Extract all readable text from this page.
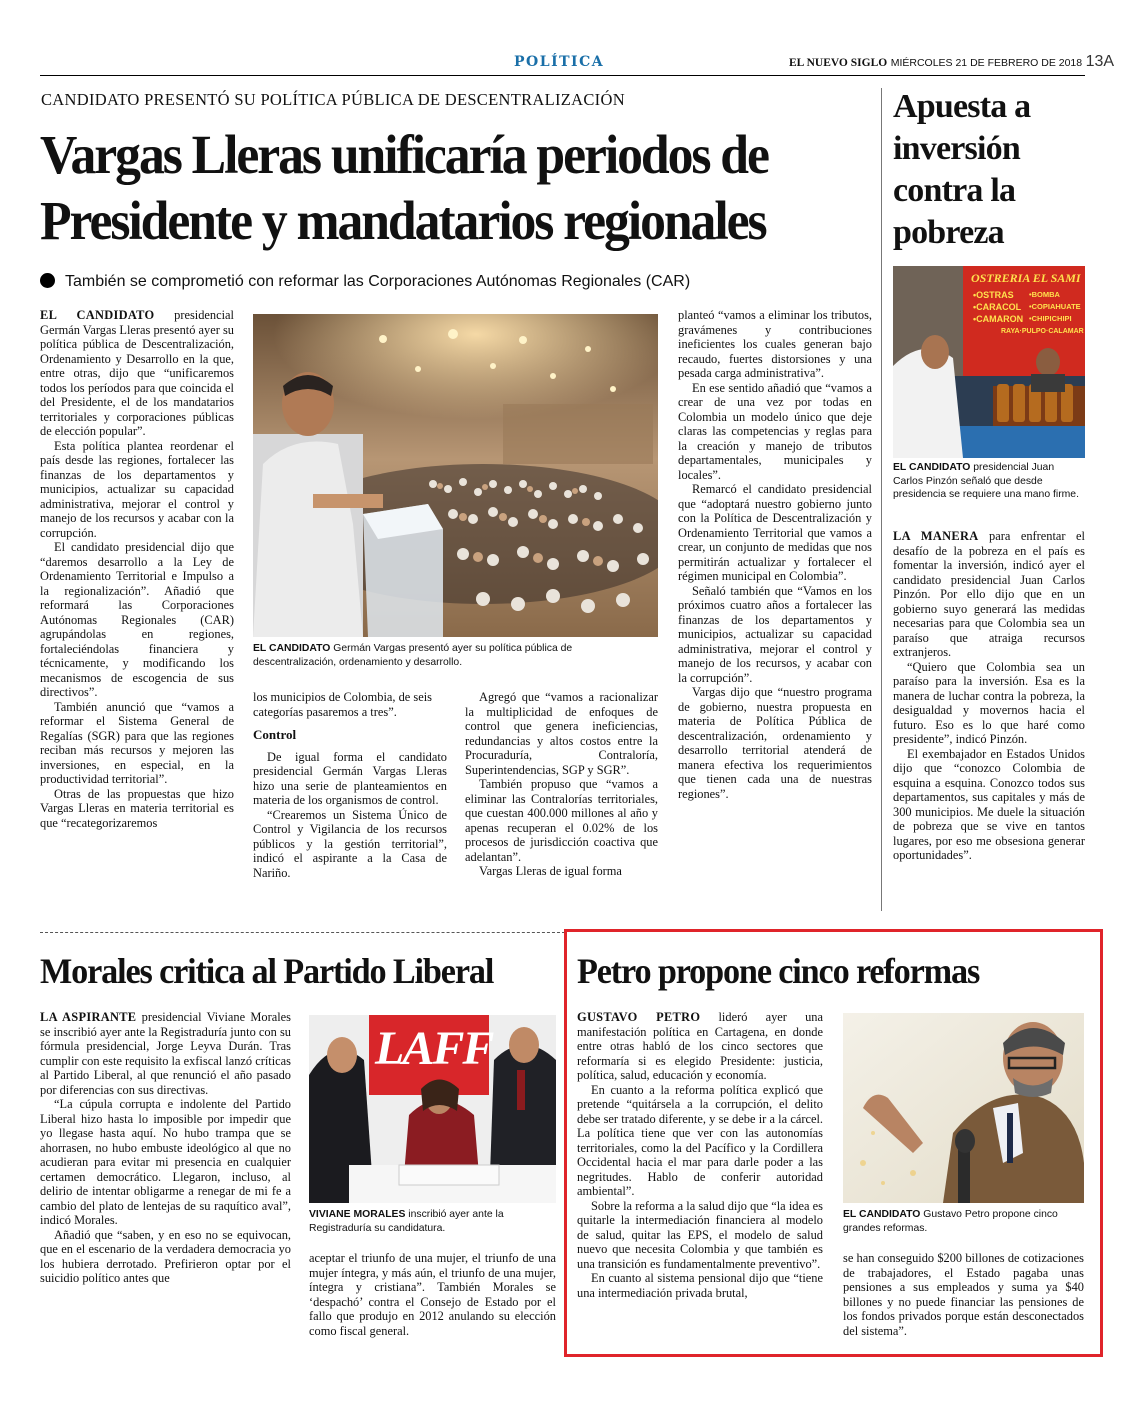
POLÍTICA	EL NUEVO SIGLO MIÉRCOLES 21 DE FEBRERO DE 2018 13A
CANDIDATO PRESENTÓ SU POLÍTICA PÚBLICA DE DESCENTRALIZACIÓN
Vargas Lleras unificaría periodos de
Presidente y mandatarios regionales
También se comprometió con reformar las Corporaciones Autónomas Regionales (CAR)

EL CANDIDATO presidencial Germán Vargas Lleras presentó ayer su política pública de Descentralización, Ordenamiento y Desarrollo en la que, entre otras, dijo que “unificaremos todos los períodos para que coincida el del Presidente, el de los mandatarios territoriales y corporaciones públicas de elección popular”.

Esta política plantea reordenar el país desde las regiones, fortalecer las finanzas de los departamentos y municipios, actualizar su capacidad administrativa, mejorar el control y manejo de los recursos y acabar con la corrupción.

El candidato presidencial dijo que “daremos desarrollo a la Ley de Ordenamiento Territorial e Impulso a la regionalización”. Añadió que reformará las Corporaciones Autónomas Regionales (CAR) agrupándolas en regiones, fortaleciéndolas financiera y técnicamente, y modificando los mecanismos de escogencia de sus directivos”.

También anunció que “vamos a reformar el Sistema General de Regalías (SGR) para que las regiones reciban más recursos y mejoren las inversiones, en especial, en la productividad territorial”.

Otras de las propuestas que hizo Vargas Lleras en materia territorial es que “recategorizaremos

EL CANDIDATO Germán Vargas presentó ayer su política pública de descentralización, ordenamiento y desarrollo.

los municipios de Colombia, de seis categorías pasaremos a tres”.

Control

De igual forma el candidato presidencial Germán Vargas Lleras hizo una serie de planteamientos en materia de los organismos de control.

“Crearemos un Sistema Único de Control y Vigilancia de los recursos públicos y la gestión territorial”, indicó el aspirante a la Casa de Nariño.

Agregó que “vamos a racionalizar la multiplicidad de enfoques de control que genera ineficiencias, redundancias y altos costos entre la Procuraduría, Contraloría, Superintendencias, SGP y SGR”.

También propuso que “vamos a eliminar las Contralorías territoriales, que cuestan 400.000 millones al año y apenas recuperan el 0.02% de los procesos de jurisdicción coactiva que adelantan”.

Vargas Lleras de igual forma

planteó “vamos a eliminar los tributos, gravámenes y contribuciones ineficientes los cuales generan bajo recaudo, fuertes distorsiones y una pesada carga administrativa”.

En ese sentido añadió que “vamos a crear de una vez por todas en Colombia un modelo único que deje claras las competencias y reglas para la creación y manejo de tributos departamentales, municipales y locales”.

Remarcó el candidato presidencial que “adoptará nuestro gobierno junto con la Política de Descentralización y Ordenamiento Territorial que vamos a crear, un conjunto de medidas que nos permitirán actualizar y fortalecer el régimen municipal en Colombia”.

Señaló también que “Vamos en los próximos cuatro años a fortalecer las finanzas de los departamentos y municipios, actualizar su capacidad administrativa, mejorar el control y manejo de los recursos, y acabar con la corrupción”.

Vargas dijo que “nuestro programa de gobierno, nuestra propuesta en materia de Política Pública de descentralización, ordenamiento y desarrollo territorial atenderá de manera efectiva los requerimientos que tienen cada una de nuestras regiones”.

Apuesta a inversión contra la pobreza
OSTRERIA EL SAMI
•OSTRAS
•CARACOL
•CAMARON
•BOMBA
•COPIAHUATE
•CHIPICHIPI
RAYA·PULPO·CALAMAR
EL CANDIDATO presidencial Juan Carlos Pinzón señaló que desde presidencia se requiere una mano firme.

LA MANERA para enfrentar el desafío de la pobreza en el país es fomentar la inversión, indicó ayer el candidato presidencial Juan Carlos Pinzón. Por ello dijo que en un gobierno suyo generará las medidas necesarias para que Colombia sea un paraíso que atraiga recursos extranjeros.

“Quiero que Colombia sea un paraíso para la inversión. Esa es la manera de luchar contra la pobreza, la desigualdad y movernos hacia el futuro. Eso es lo que haré como presidente”, indicó Pinzón.

El exembajador en Estados Unidos dijo que “conozco Colombia de esquina a esquina. Conozco todos sus departamentos, sus capitales y más de 300 municipios. Me duele la situación de pobreza que se vive en tantos lugares, por eso me obsesiona generar oportunidades”.

Morales critica al Partido Liberal

LA ASPIRANTE presidencial Viviane Morales se inscribió ayer ante la Registraduría junto con su fórmula presidencial, Jorge Leyva Durán. Tras cumplir con este requisito la exfiscal lanzó críticas al Partido Liberal, al que renunció el año pasado por diferencias con sus directivas.

“La cúpula corrupta e indolente del Partido Liberal hizo hasta lo imposible por impedir que yo llegase hasta aquí. No hubo trampa que se ahorrasen, no hubo embuste ideológico al que no acudieran para evitar mi presencia en cualquier certamen democrático. Llegaron, incluso, al delirio de intentar obligarme a renegar de mi fe a cambio del plato de lentejas de su raquítico aval”, indicó Morales.

Añadió que “saben, y en eso no se equivocan, que en el escenario de la verdadera democracia yo los hubiera derrotado. Prefirieron optar por el suicidio político antes que

LAFF
VIVIANE MORALES inscribió ayer ante la Registraduría su candidatura.

aceptar el triunfo de una mujer, el triunfo de una mujer íntegra, y más aún, el triunfo de una mujer, íntegra y cristiana”. También Morales se ‘despachó’ contra el Consejo de Estado por el fallo que produjo en 2012 anulando su elección como fiscal general.

Petro propone cinco reformas

GUSTAVO PETRO lideró ayer una manifestación política en Cartagena, en donde entre otras habló de los cinco sectores que reformaría si es elegido Presidente: justicia, política, salud, educación y economía.

En cuanto a la reforma política explicó que pretende “quitársela a la corrupción, el delito debe ser tratado diferente, y se debe ir a la cárcel. La política tiene que ver con las autonomías territoriales, como la del Pacífico y la Cordillera Occidental hacia el mar para darle poder a las negritudes. Hablo de conferir autoridad ambiental”.

Sobre la reforma a la salud dijo que “la idea es quitarle la intermediación financiera al modelo de salud, quitar las EPS, el modelo de salud nuevo que necesita Colombia y que también es una transición es fundamentalmente preventivo”.

En cuanto al sistema pensional dijo que “tiene una intermediación privada brutal,

EL CANDIDATO Gustavo Petro propone cinco grandes reformas.

se han conseguido $200 billones de cotizaciones de trabajadores, el Estado pagaba unas pensiones a sus empleados y suma ya $40 billones y no puede financiar las pensiones de los fondos privados porque están desconectados del sistema”.
